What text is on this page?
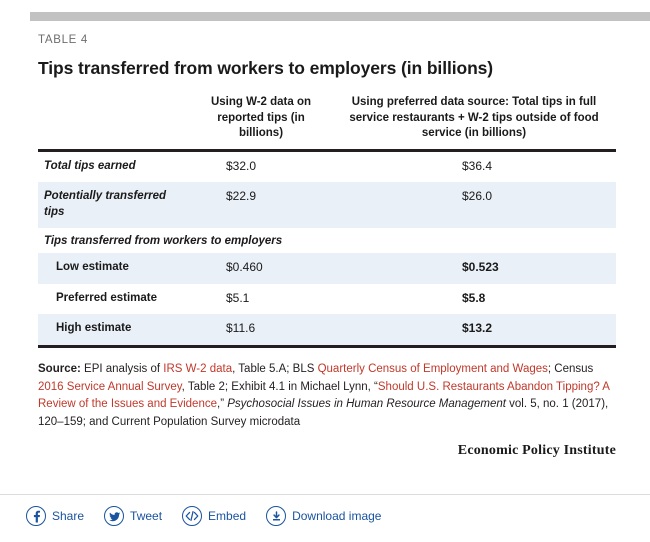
TABLE 4
Tips transferred from workers to employers (in billions)
	Using W-2 data on reported tips (in billions)	Using preferred data source: Total tips in full service restaurants + W-2 tips outside of food service (in billions)
Total tips earned	$32.0	$36.4
Potentially transferred tips	$22.9	$26.0
Tips transferred from workers to employers		
Low estimate	$0.460	$0.523
Preferred estimate	$5.1	$5.8
High estimate	$11.6	$13.2
Source: EPI analysis of IRS W-2 data, Table 5.A; BLS Quarterly Census of Employment and Wages; Census 2016 Service Annual Survey, Table 2; Exhibit 4.1 in Michael Lynn, “Should U.S. Restaurants Abandon Tipping? A Review of the Issues and Evidence,” Psychosocial Issues in Human Resource Management vol. 5, no. 1 (2017), 120–159; and Current Population Survey microdata
Economic Policy Institute
Share	Tweet	Embed	Download image
